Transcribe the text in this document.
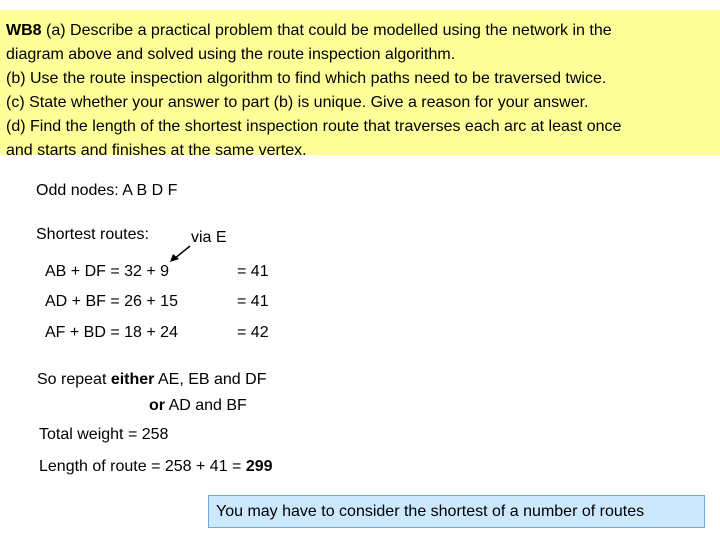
WB8 (a) Describe a practical problem that could be modelled using the network in the
diagram above and solved using the route inspection algorithm.
(b) Use the route inspection algorithm to find which paths need to be traversed twice.
(c) State whether your answer to part (b) is unique. Give a reason for your answer.
(d) Find the length of the shortest inspection route that traverses each arc at least once
and starts and finishes at the same vertex.
Odd nodes: A B D F
Shortest routes:	via E
AB + DF = 32 + 9	= 41
AD + BF = 26 + 15	= 41
AF + BD = 18 + 24	= 42
So repeat either AE, EB and DF
or AD and BF
Total weight = 258
Length of route = 258 + 41 = 299
You may have to consider the shortest of a number of routes
